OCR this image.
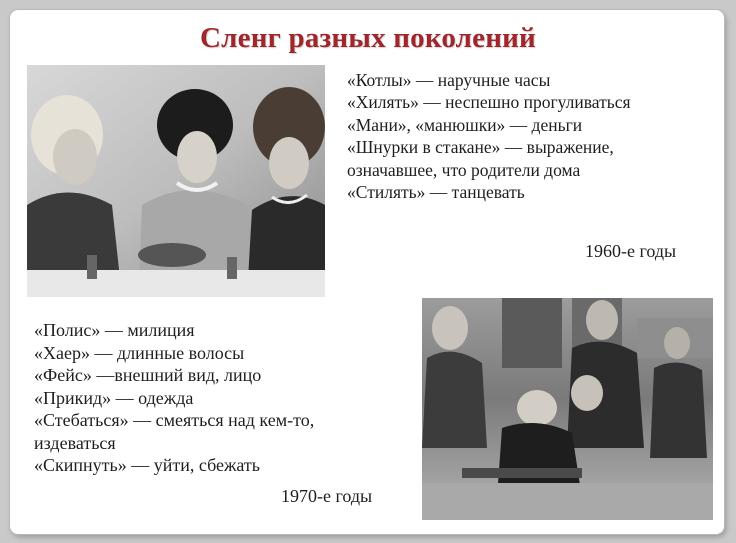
Сленг разных поколений
«Котлы» — наручные часы
«Хилять» — неспешно прогуливаться
«Мани», «манюшки» — деньги
«Шнурки в стакане» — выражение,
означавшее, что родители дома
«Стилять» — танцевать
1960-е годы
«Полис» — милиция
«Хаер» — длинные волосы
«Фейс» —внешний вид, лицо
«Прикид» — одежда
«Стебаться» — смеяться над кем-то,
издеваться
«Скипнуть» — уйти, сбежать
1970-е годы
